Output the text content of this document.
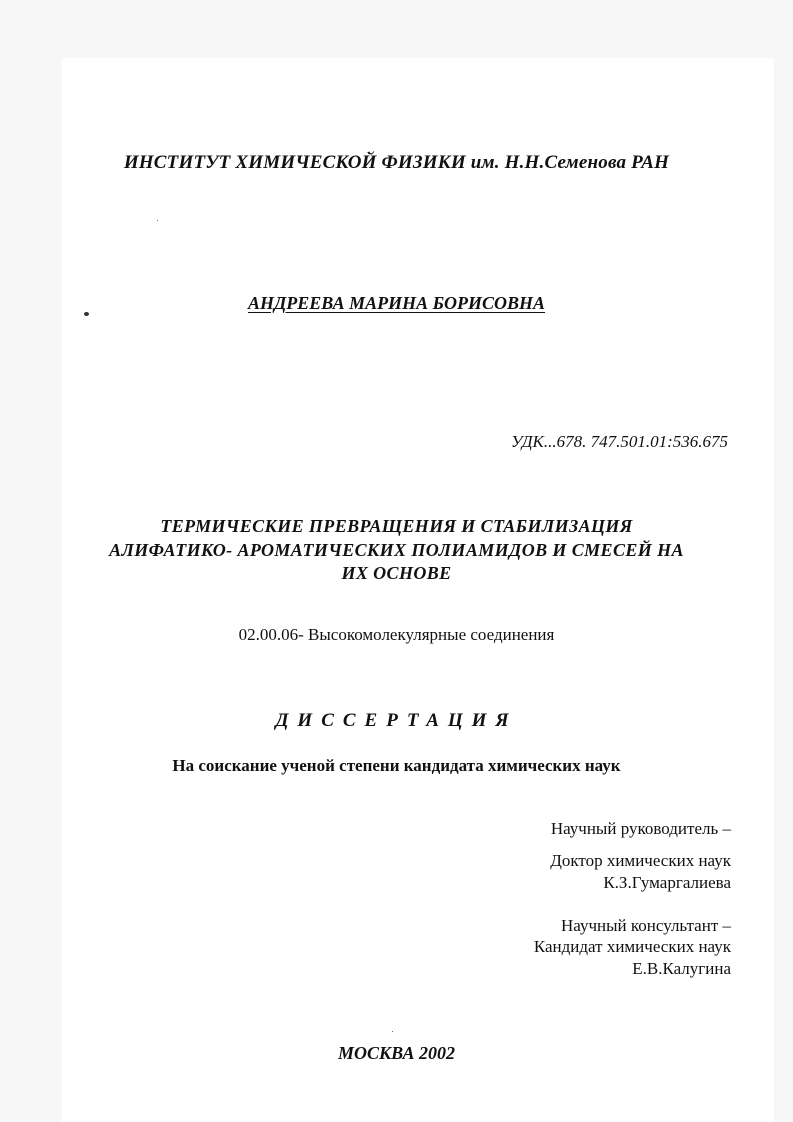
ИНСТИТУТ ХИМИЧЕСКОЙ ФИЗИКИ им. Н.Н.Семенова РАН
АНДРЕЕВА МАРИНА БОРИСОВНА
УДК...678. 747.501.01:536.675
ТЕРМИЧЕСКИЕ ПРЕВРАЩЕНИЯ И СТАБИЛИЗАЦИЯ
АЛИФАТИКО- АРОМАТИЧЕСКИХ ПОЛИАМИДОВ И СМЕСЕЙ НА
ИХ ОСНОВЕ
02.00.06- Высокомолекулярные соединения
ДИССЕРТАЦИЯ
На соискание ученой степени кандидата химических наук
Научный руководитель –
Доктор химических наук
К.З.Гумаргалиева
Научный консультант –
Кандидат химических наук
Е.В.Калугина
МОСКВА 2002
